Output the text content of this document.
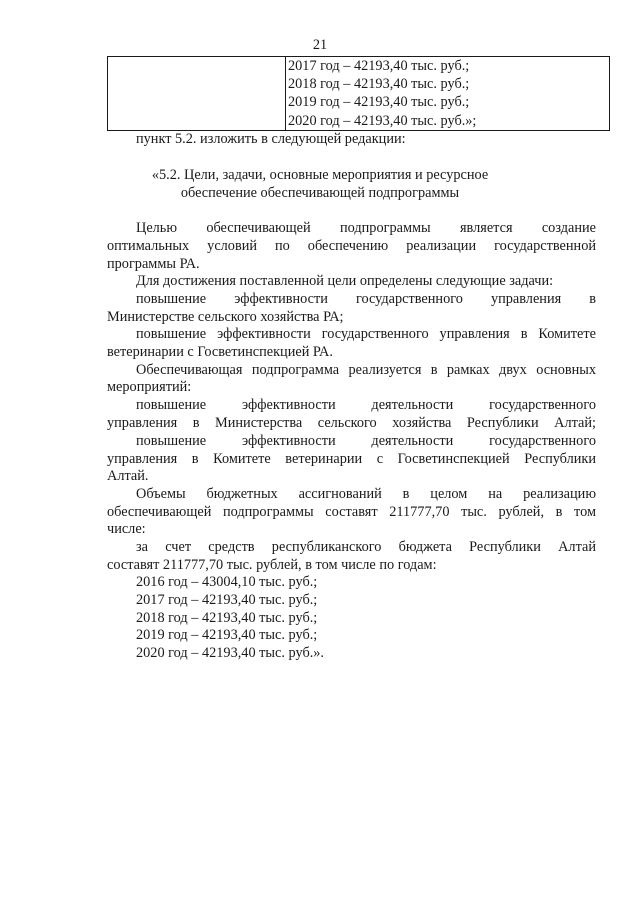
21

2017 год – 42193,40 тыс. руб.;
2018 год – 42193,40 тыс. руб.;
2019 год – 42193,40 тыс. руб.;
2020 год – 42193,40 тыс. руб.»;
пункт 5.2. изложить в следующей редакции:
«5.2. Цели, задачи, основные мероприятия и ресурсное
обеспечение обеспечивающей подпрограммы
Целью обеспечивающей подпрограммы является создание
оптимальных условий по обеспечению реализации государственной
программы РА.
Для достижения поставленной цели определены следующие задачи:
повышение эффективности государственного управления в
Министерстве сельского хозяйства РА;
повышение эффективности государственного управления в Комитете
ветеринарии с Госветинспекцией РА.
Обеспечивающая подпрограмма реализуется в рамках двух основных
мероприятий:
повышение эффективности деятельности государственного
управления в Министерства сельского хозяйства Республики Алтай;
повышение эффективности деятельности государственного
управления в Комитете ветеринарии с Госветинспекцией Республики
Алтай.
Объемы бюджетных ассигнований в целом на реализацию
обеспечивающей подпрограммы составят 211777,70 тыс. рублей, в том
числе:
за счет средств республиканского бюджета Республики Алтай
составят 211777,70 тыс. рублей, в том числе по годам:
2016 год – 43004,10 тыс. руб.;
2017 год – 42193,40 тыс. руб.;
2018 год – 42193,40 тыс. руб.;
2019 год – 42193,40 тыс. руб.;
2020 год – 42193,40 тыс. руб.».
